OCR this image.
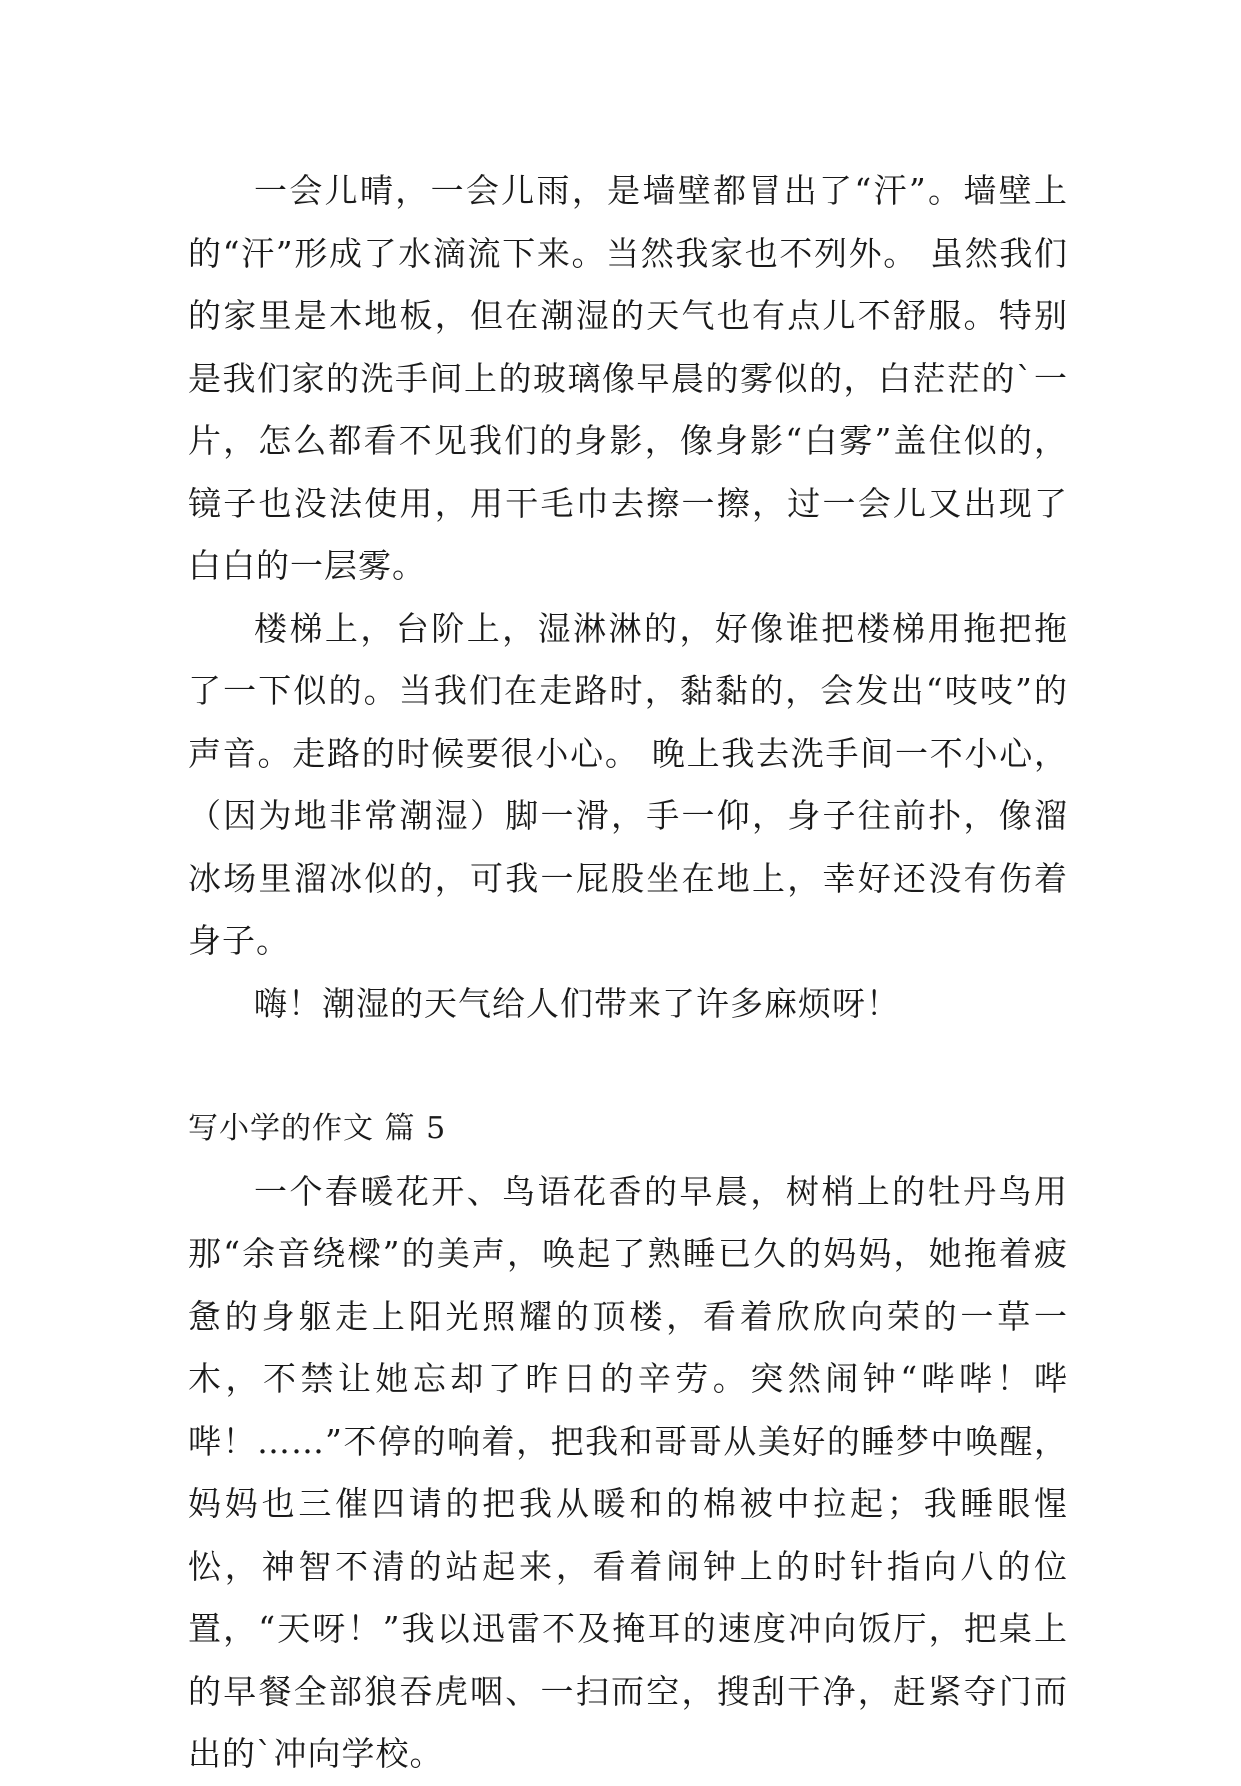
一会儿晴，一会儿雨，是墙壁都冒出了“汗”。墙壁上的“汗”形成了水滴流下来。当然我家也不列外。 虽然我们的家里是木地板，但在潮湿的天气也有点儿不舒服。特别是我们家的洗手间上的玻璃像早晨的雾似的，白茫茫的`一片，怎么都看不见我们的身影，像身影“白雾”盖住似的，镜子也没法使用，用干毛巾去擦一擦，过一会儿又出现了白白的一层雾。

楼梯上，台阶上，湿淋淋的，好像谁把楼梯用拖把拖了一下似的。当我们在走路时，黏黏的，会发出“吱吱”的声音。走路的时候要很小心。 晚上我去洗手间一不小心，（因为地非常潮湿）脚一滑，手一仰，身子往前扑，像溜冰场里溜冰似的，可我一屁股坐在地上，幸好还没有伤着身子。

嗨！潮湿的天气给人们带来了许多麻烦呀！

写小学的作文 篇 5

一个春暖花开、鸟语花香的早晨，树梢上的牡丹鸟用那“余音绕樑”的美声，唤起了熟睡已久的妈妈，她拖着疲惫的身躯走上阳光照耀的顶楼，看着欣欣向荣的一草一木，不禁让她忘却了昨日的辛劳。突然闹钟“哔哔！哔哔！……”不停的响着，把我和哥哥从美好的睡梦中唤醒，妈妈也三催四请的把我从暖和的棉被中拉起；我睡眼惺忪，神智不清的站起来，看着闹钟上的时针指向八的位置，“天呀！”我以迅雷不及掩耳的速度冲向饭厅，把桌上的早餐全部狼吞虎咽、一扫而空，搜刮干净，赶紧夺门而出的`冲向学校。
